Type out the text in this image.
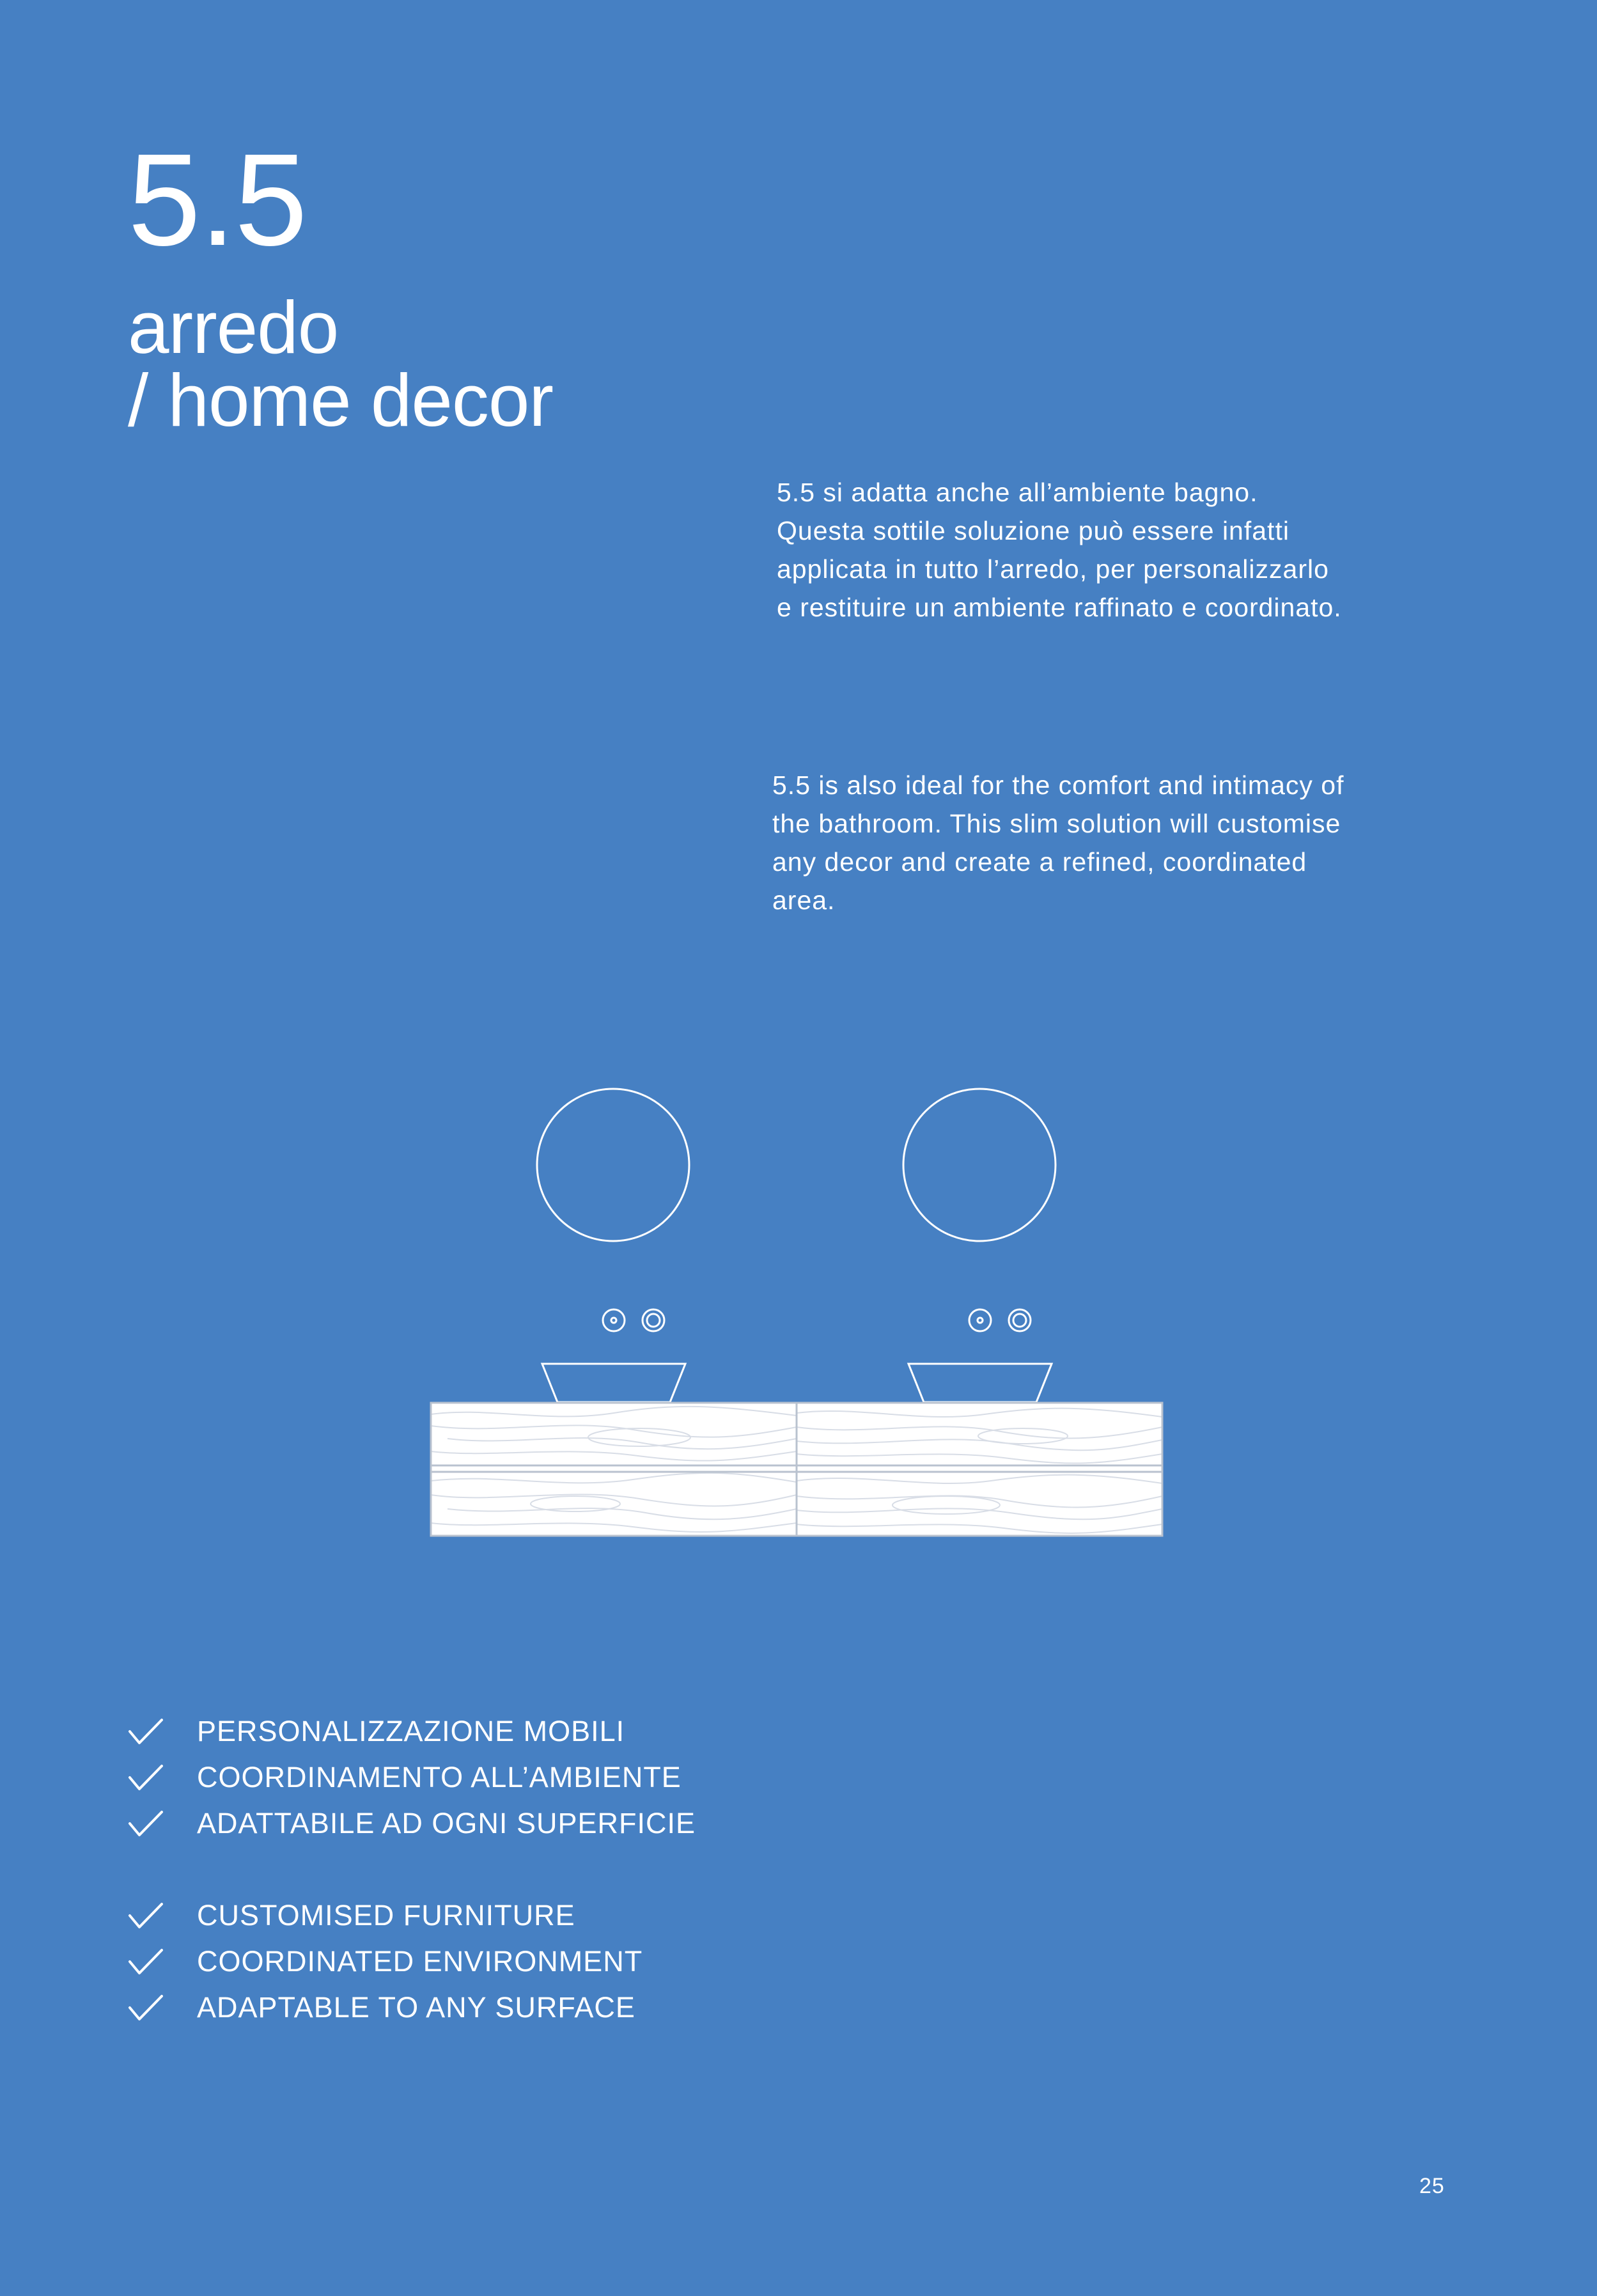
5.5
arredo
/ home decor

5.5 si adatta anche all’ambiente bagno. Questa sottile soluzione può essere infatti applicata in tutto l’arredo, per personalizzarlo e restituire un ambiente raffinato e coordinato.

5.5 is also ideal for the comfort and intimacy of the bathroom. This slim solution will customise any decor and create a refined, coordinated area.

PERSONALIZZAZIONE MOBILI
COORDINAMENTO ALL’AMBIENTE
ADATTABILE AD OGNI SUPERFICIE
CUSTOMISED FURNITURE
COORDINATED ENVIRONMENT
ADAPTABLE TO ANY SURFACE
25
